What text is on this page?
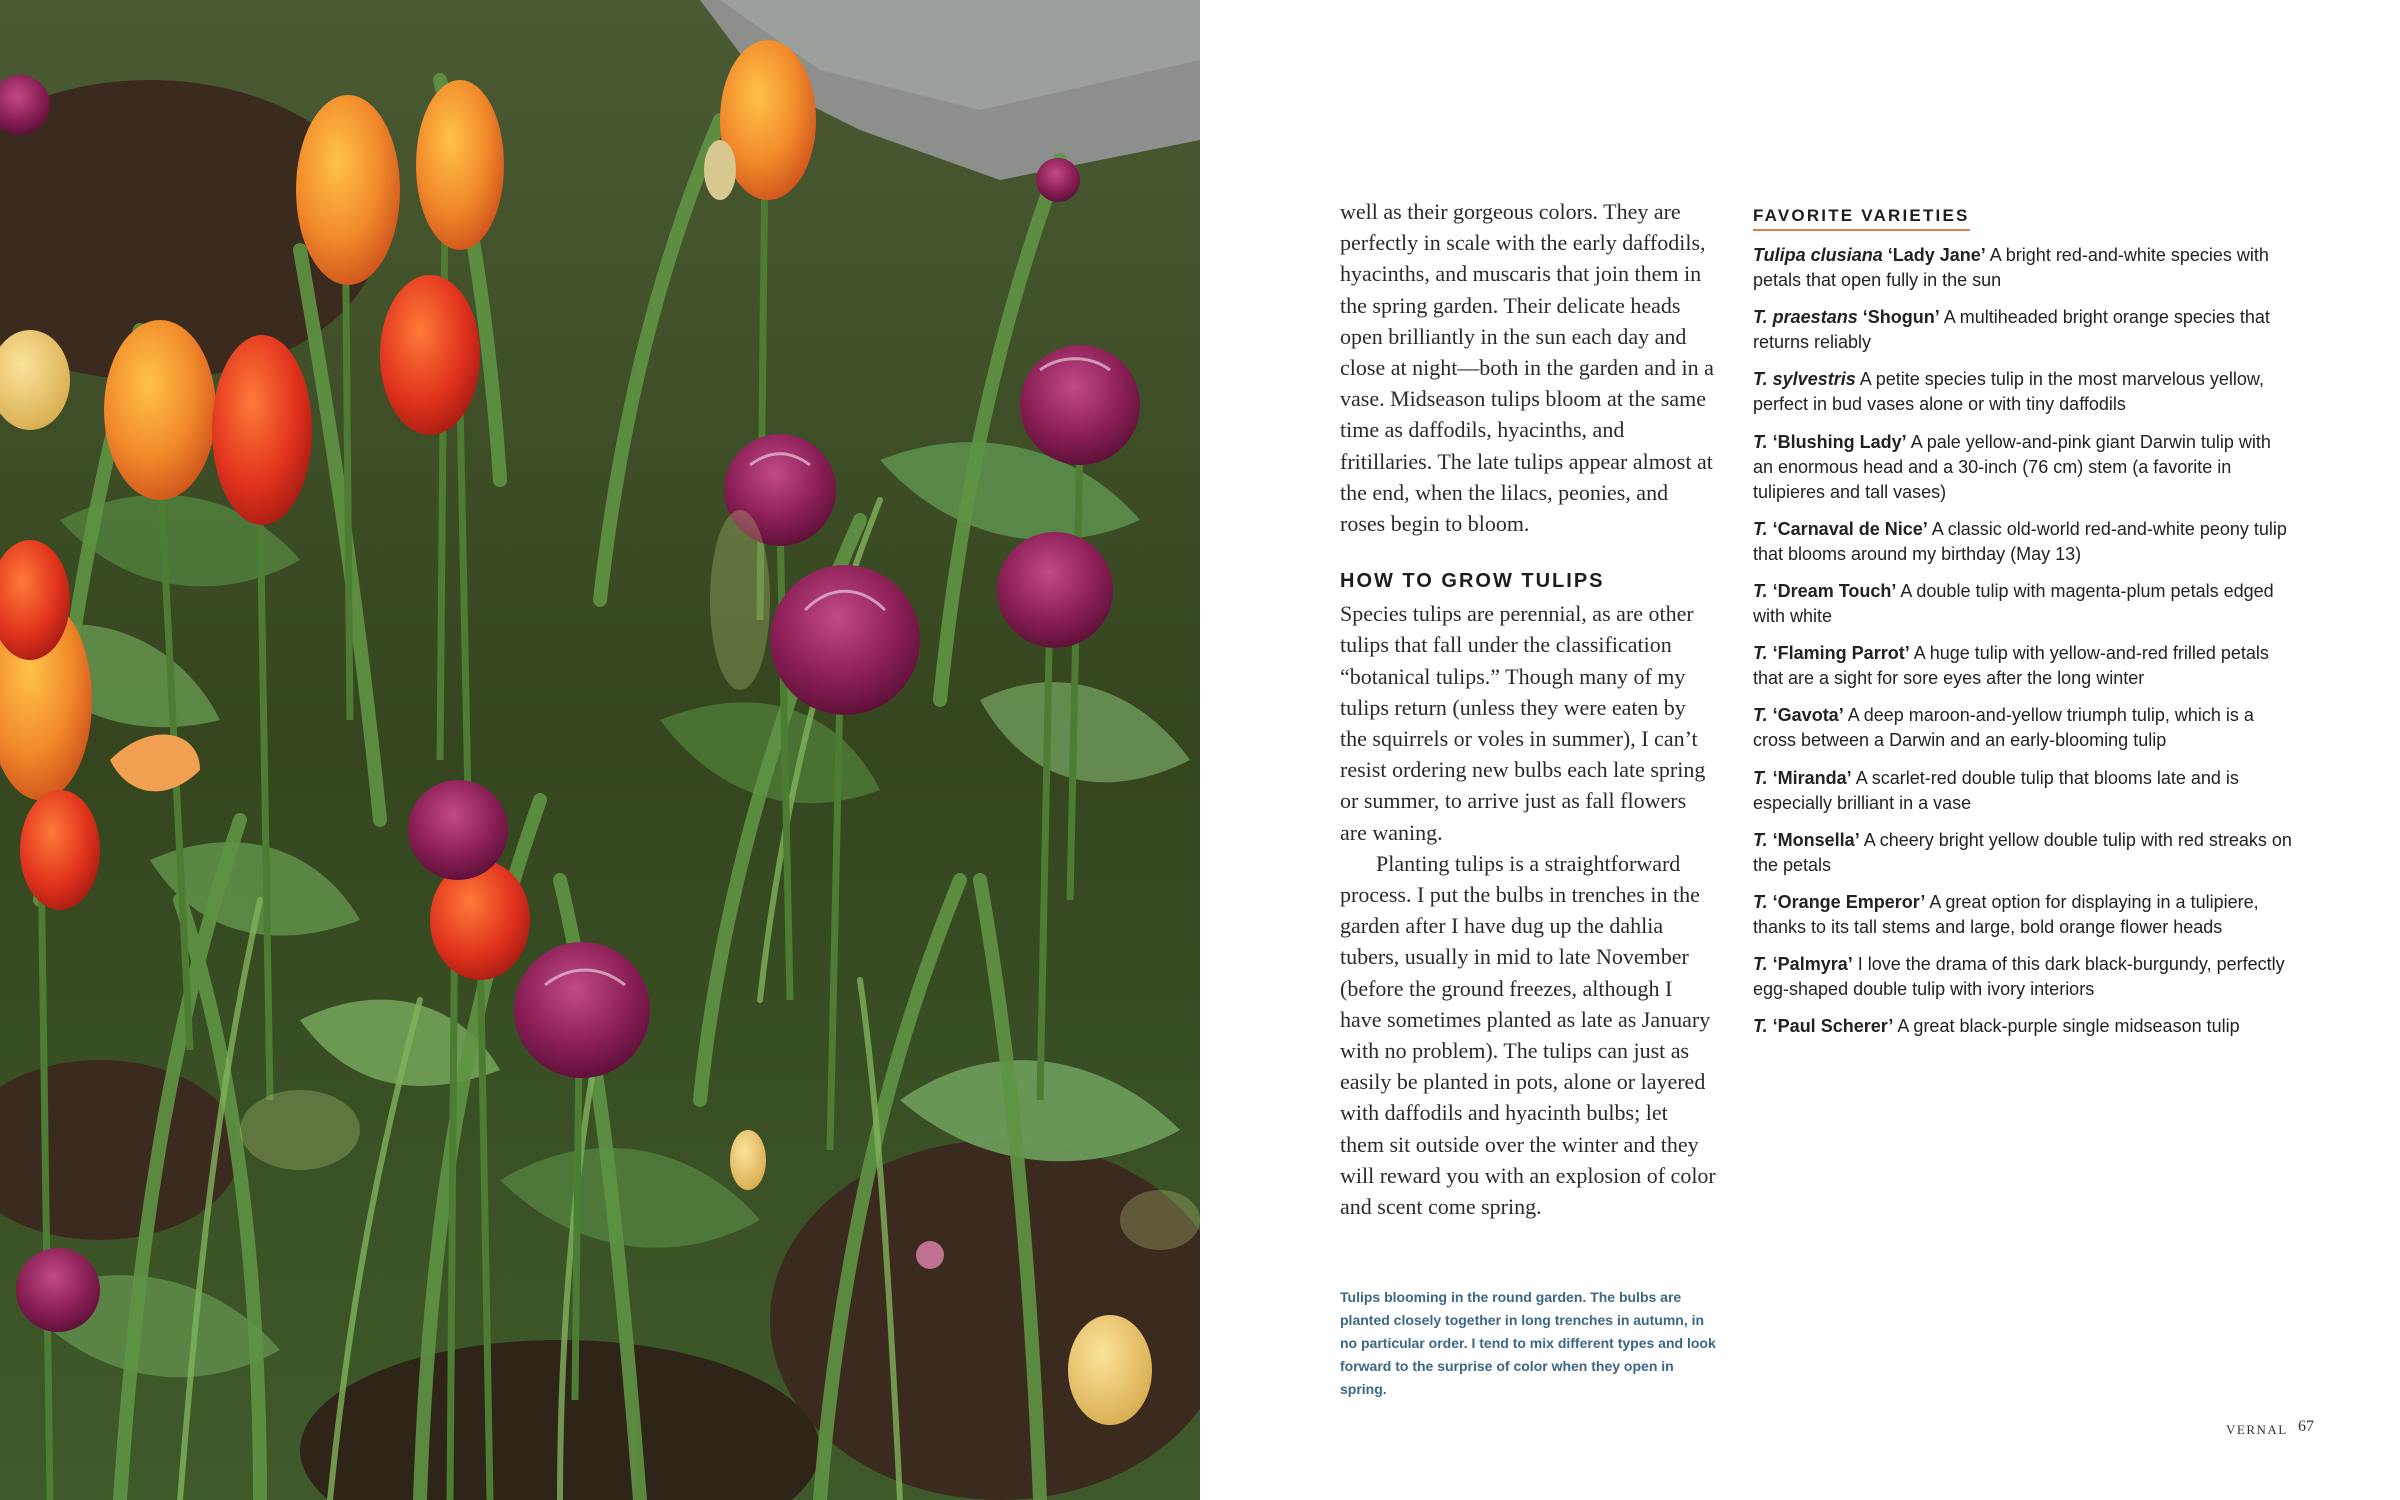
well as their gorgeous colors. They are perfectly in scale with the early daffodils, hyacinths, and muscaris that join them in the spring garden. Their delicate heads open brilliantly in the sun each day and close at night—both in the garden and in a vase. Midseason tulips bloom at the same time as daffodils, hyacinths, and fritillaries. The late tulips appear almost at the end, when the lilacs, peonies, and roses begin to bloom.

HOW TO GROW TULIPS

Species tulips are perennial, as are other tulips that fall under the classification “botanical tulips.” Though many of my tulips return (unless they were eaten by the squirrels or voles in summer), I can’t resist ordering new bulbs each late spring or summer, to arrive just as fall flowers are waning.

Planting tulips is a straightforward process. I put the bulbs in trenches in the garden after I have dug up the dahlia tubers, usually in mid to late November (before the ground freezes, although I have sometimes planted as late as January with no problem). The tulips can just as easily be planted in pots, alone or layered with daffodils and hyacinth bulbs; let them sit outside over the winter and they will reward you with an explosion of color and scent come spring.

Tulips blooming in the round garden. The bulbs are planted closely together in long trenches in autumn, in no particular order. I tend to mix different types and look forward to the surprise of color when they open in spring.
FAVORITE VARIETIES

Tulipa clusiana ‘Lady Jane’ A bright red-and-white species with petals that open fully in the sun

T. praestans ‘Shogun’ A multiheaded bright orange species that returns reliably

T. sylvestris A petite species tulip in the most marvelous yellow, perfect in bud vases alone or with tiny daffodils

T. ‘Blushing Lady’ A pale yellow-and-pink giant Darwin tulip with an enormous head and a 30-inch (76 cm) stem (a favorite in tulipieres and tall vases)

T. ‘Carnaval de Nice’ A classic old-world red-and-white peony tulip that blooms around my birthday (May 13)

T. ‘Dream Touch’ A double tulip with magenta-plum petals edged with white

T. ‘Flaming Parrot’ A huge tulip with yellow-and-red frilled petals that are a sight for sore eyes after the long winter

T. ‘Gavota’ A deep maroon-and-yellow triumph tulip, which is a cross between a Darwin and an early-blooming tulip

T. ‘Miranda’ A scarlet-red double tulip that blooms late and is especially brilliant in a vase

T. ‘Monsella’ A cheery bright yellow double tulip with red streaks on the petals

T. ‘Orange Emperor’ A great option for displaying in a tulipiere, thanks to its tall stems and large, bold orange flower heads

T. ‘Palmyra’ I love the drama of this dark black-burgundy, perfectly egg-shaped double tulip with ivory interiors

T. ‘Paul Scherer’ A great black-purple single midseason tulip

VERNAL 67
